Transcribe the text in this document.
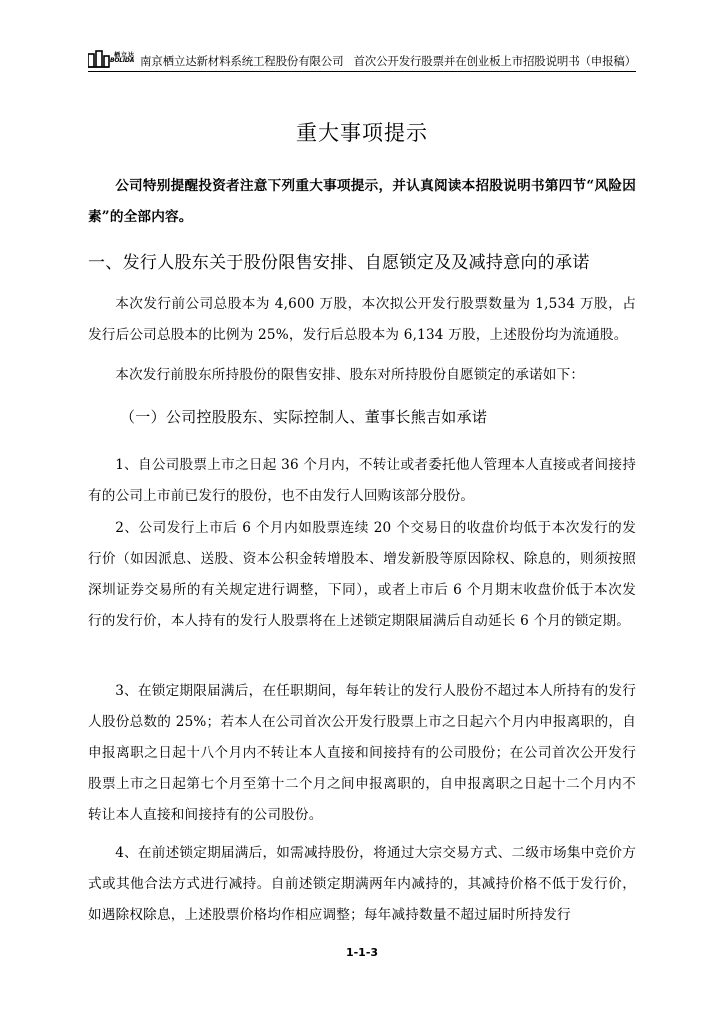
栖立达
BOLIDA 南京栖立达新材料系统工程股份有限公司 首次公开发行股票并在创业板上市招股说明书（申报稿）
重大事项提示
公司特别提醒投资者注意下列重大事项提示，并认真阅读本招股说明书第四节“风险因素”的全部内容。
一、发行人股东关于股份限售安排、自愿锁定及及减持意向的承诺
本次发行前公司总股本为 4,600 万股，本次拟公开发行股票数量为 1,534 万股，占发行后公司总股本的比例为 25%，发行后总股本为 6,134 万股，上述股份均为流通股。
本次发行前股东所持股份的限售安排、股东对所持股份自愿锁定的承诺如下：
（一）公司控股股东、实际控制人、董事长熊吉如承诺
1、自公司股票上市之日起 36 个月内，不转让或者委托他人管理本人直接或者间接持有的公司上市前已发行的股份，也不由发行人回购该部分股份。
2、公司发行上市后 6 个月内如股票连续 20 个交易日的收盘价均低于本次发行的发行价（如因派息、送股、资本公积金转增股本、增发新股等原因除权、除息的，则须按照深圳证券交易所的有关规定进行调整，下同），或者上市后 6 个月期末收盘价低于本次发行的发行价，本人持有的发行人股票将在上述锁定期限届满后自动延长 6 个月的锁定期。
3、在锁定期限届满后，在任职期间，每年转让的发行人股份不超过本人所持有的发行人股份总数的 25%；若本人在公司首次公开发行股票上市之日起六个月内申报离职的，自申报离职之日起十八个月内不转让本人直接和间接持有的公司股份；在公司首次公开发行股票上市之日起第七个月至第十二个月之间申报离职的，自申报离职之日起十二个月内不转让本人直接和间接持有的公司股份。
4、在前述锁定期届满后，如需减持股份，将通过大宗交易方式、二级市场集中竞价方式或其他合法方式进行减持。自前述锁定期满两年内减持的，其减持价格不低于发行价，如遇除权除息，上述股票价格均作相应调整；每年减持数量不超过届时所持发行
1-1-3
